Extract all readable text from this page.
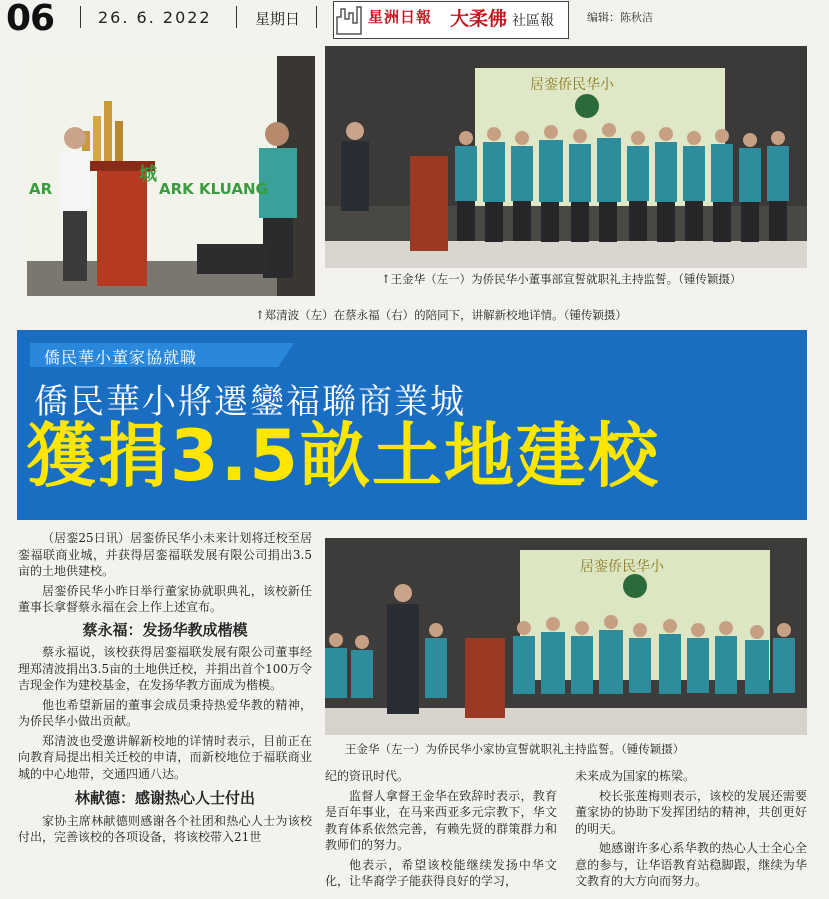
06	26. 6. 2022	星期日	星洲日報 大柔佛 社區報	编辑：陈秋洁
城
AR	ARK KLUANG
居銮侨民华小
↑王金华（左一）为侨民华小董事部宣誓就职礼主持监誓。（锺传颖摄）
↑郑清波（左）在蔡永福（右）的陪同下，讲解新校地详情。（锺传颖摄）
僑民華小董家協就職
僑民華小將遷鑾福聯商業城
獲捐3.5畝土地建校
居銮侨民华小
王金华（左一）为侨民华小家协宣誓就职礼主持监誓。（锺传颖摄）

（居銮25日讯）居銮侨民华小未来计划将迁校至居銮福联商业城，并获得居銮福联发展有限公司捐出3.5亩的土地供建校。

居銮侨民华小昨日举行董家协就职典礼，该校新任董事长拿督蔡永福在会上作上述宣布。

蔡永福：发扬华教成楷模

蔡永福说，该校获得居銮福联发展有限公司董事经理郑清波捐出3.5亩的土地供迁校，并捐出首个100万令吉现金作为建校基金，在发扬华教方面成为楷模。

他也希望新届的董事会成员秉持热爱华教的精神，为侨民华小做出贡献。

郑清波也受邀讲解新校地的详情时表示，目前正在向教育局提出相关迁校的申请，而新校地位于福联商业城的中心地带，交通四通八达。

林献德：感谢热心人士付出

家协主席林献德则感谢各个社团和热心人士为该校付出，完善该校的各项设备，将该校带入21世

纪的资讯时代。

监督人拿督王金华在致辞时表示，教育是百年事业，在马来西亚多元宗教下，华文教育体系依然完善，有赖先贤的群策群力和教师们的努力。

他表示，希望该校能继续发扬中华文化，让华裔学子能获得良好的学习，

未来成为国家的栋梁。

校长张莲梅则表示，该校的发展还需要董家协的协助下发挥团结的精神，共创更好的明天。

她感谢许多心系华教的热心人士全心全意的参与，让华语教育站稳脚跟，继续为华文教育的大方向而努力。
